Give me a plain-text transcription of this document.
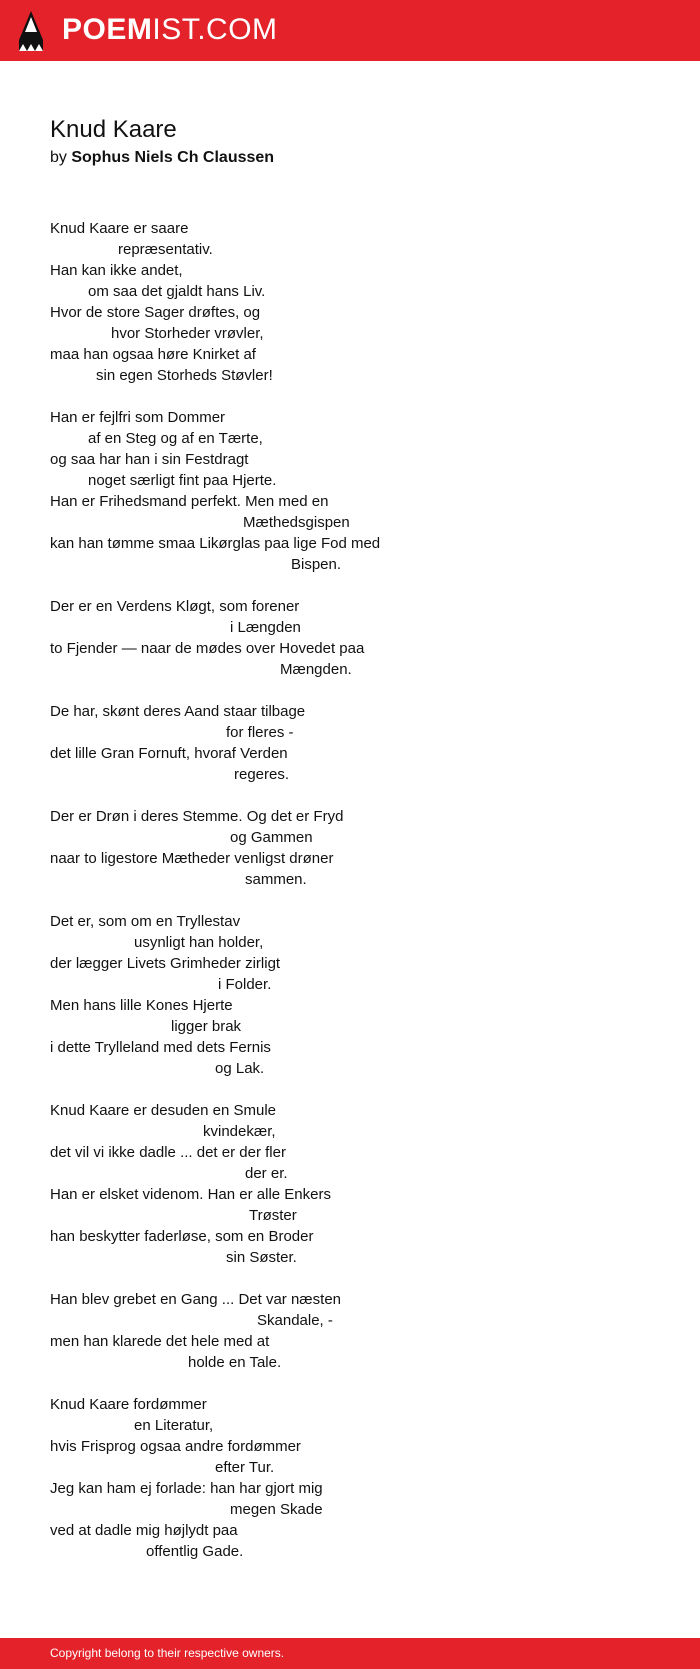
POEMIST.COM
Knud Kaare
by Sophus Niels Ch Claussen
Knud Kaare er saare
repræsentativ.
Han kan ikke andet,
om saa det gjaldt hans Liv.
Hvor de store Sager drøftes, og
hvor Storheder vrøvler,
maa han ogsaa høre Knirket af
sin egen Storheds Støvler!
Han er fejlfri som Dommer
af en Steg og af en Tærte,
og saa har han i sin Festdragt
noget særligt fint paa Hjerte.
Han er Frihedsmand perfekt. Men med en
Mæthedsgispen
kan han tømme smaa Likørglas paa lige Fod med
Bispen.
Der er en Verdens Kløgt, som forener
i Længden
to Fjender — naar de mødes over Hovedet paa
Mængden.
De har, skønt deres Aand staar tilbage
for fleres -
det lille Gran Fornuft, hvoraf Verden
regeres.
Der er Drøn i deres Stemme. Og det er Fryd
og Gammen
naar to ligestore Mætheder venligst drøner
sammen.
Det er, som om en Tryllestav
usynligt han holder,
der lægger Livets Grimheder zirligt
i Folder.
Men hans lille Kones Hjerte
ligger brak
i dette Trylleland med dets Fernis
og Lak.
Knud Kaare er desuden en Smule
kvindekær,
det vil vi ikke dadle ... det er der fler
der er.
Han er elsket videnom. Han er alle Enkers
Trøster
han beskytter faderløse, som en Broder
sin Søster.
Han blev grebet en Gang ... Det var næsten
Skandale, -
men han klarede det hele med at
holde en Tale.
Knud Kaare fordømmer
en Literatur,
hvis Frisprog ogsaa andre fordømmer
efter Tur.
Jeg kan ham ej forlade: han har gjort mig
megen Skade
ved at dadle mig højlydt paa
offentlig Gade.
Copyright belong to their respective owners.
